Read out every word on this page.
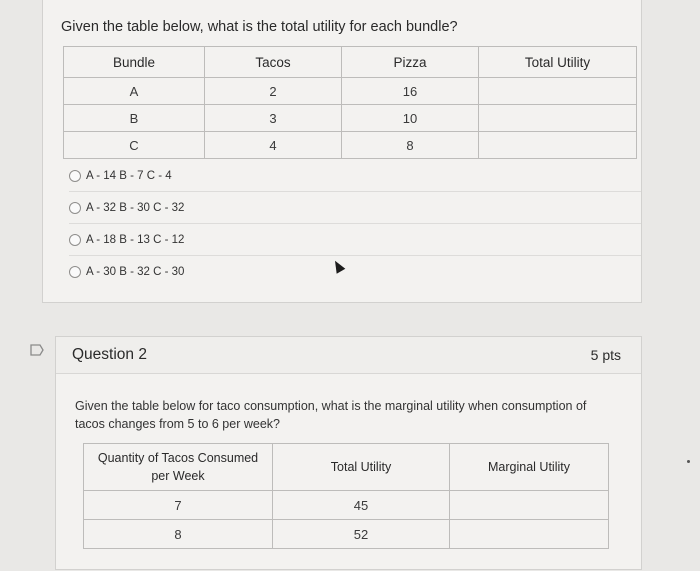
Given the table below, what is the total utility for each bundle?
Bundle	Tacos	Pizza	Total Utility
A	2	16	
B	3	10	
C	4	8	
A - 14 B - 7 C - 4
A - 32 B - 30 C - 32
A - 18 B - 13 C - 12
A - 30 B - 32 C - 30
Question 2	5 pts
Given the table below for taco consumption, what is the marginal utility when consumption of tacos changes from 5 to 6 per week?
Quantity of Tacos Consumed per Week	Total Utility	Marginal Utility
7	45	
8	52	
